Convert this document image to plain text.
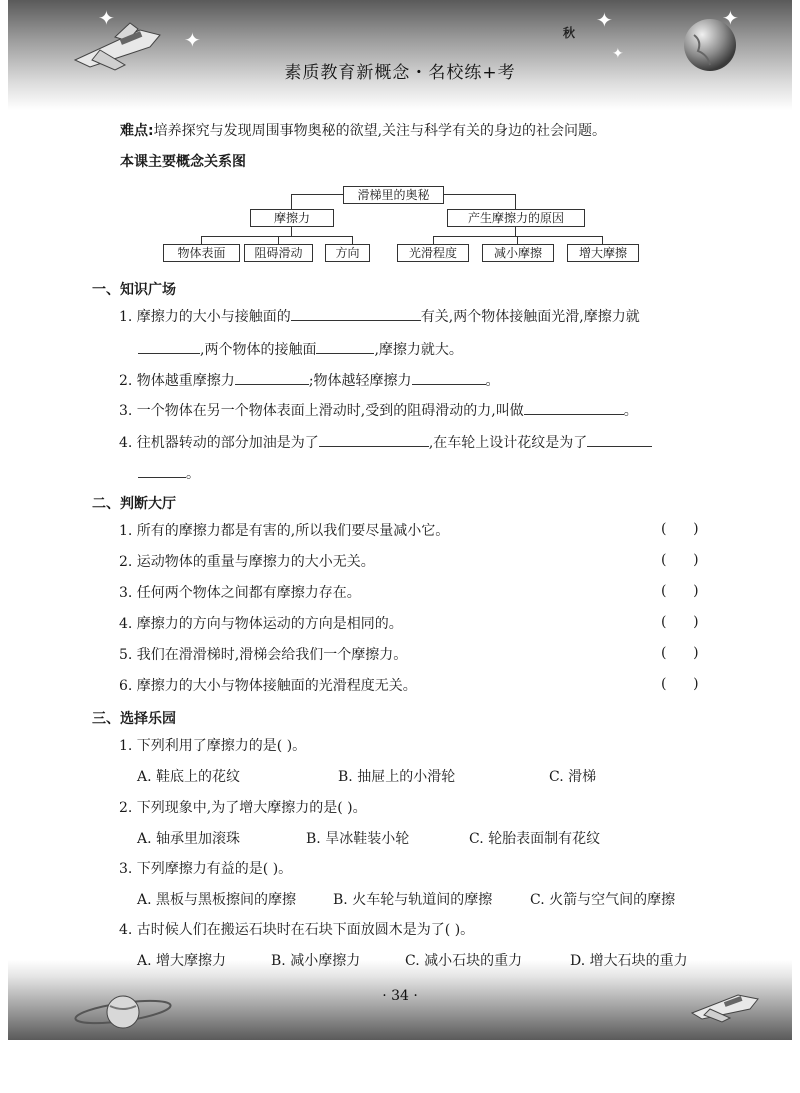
✦
✦
✦	✦
✦
秋
素质教育新概念・名校练+考
难点:培养探究与发现周围事物奥秘的欲望,关注与科学有关的身边的社会问题。
本课主要概念关系图
滑梯里的奥秘
摩擦力	产生摩擦力的原因
物体表面	阻碍滑动	方向	光滑程度	减小摩擦	增大摩擦
一、知识广场
1. 摩擦力的大小与接触面的	有关,两个物体接触面光滑,摩擦力就
,两个物体的接触面	,摩擦力就大。
2. 物体越重摩擦力	;物体越轻摩擦力	。
3. 一个物体在另一个物体表面上滑动时,受到的阻碍滑动的力,叫做	。
4. 往机器转动的部分加油是为了	,在车轮上设计花纹是为了
。
二、判断大厅
1. 所有的摩擦力都是有害的,所以我们要尽量减小它。	(      )
2. 运动物体的重量与摩擦力的大小无关。	(      )
3. 任何两个物体之间都有摩擦力存在。	(      )
4. 摩擦力的方向与物体运动的方向是相同的。	(      )
5. 我们在滑滑梯时,滑梯会给我们一个摩擦力。	(      )
6. 摩擦力的大小与物体接触面的光滑程度无关。	(      )
三、选择乐园
1. 下列利用了摩擦力的是( )。
A. 鞋底上的花纹	B. 抽屉上的小滑轮	C. 滑梯
2. 下列现象中,为了增大摩擦力的是( )。
A. 轴承里加滚珠	B. 旱冰鞋装小轮	C. 轮胎表面制有花纹
3. 下列摩擦力有益的是( )。
A. 黑板与黑板擦间的摩擦	B. 火车轮与轨道间的摩擦	C. 火箭与空气间的摩擦
4. 古时候人们在搬运石块时在石块下面放圆木是为了( )。
A. 增大摩擦力	B. 减小摩擦力	C. 减小石块的重力	D. 增大石块的重力
· 34 ·
